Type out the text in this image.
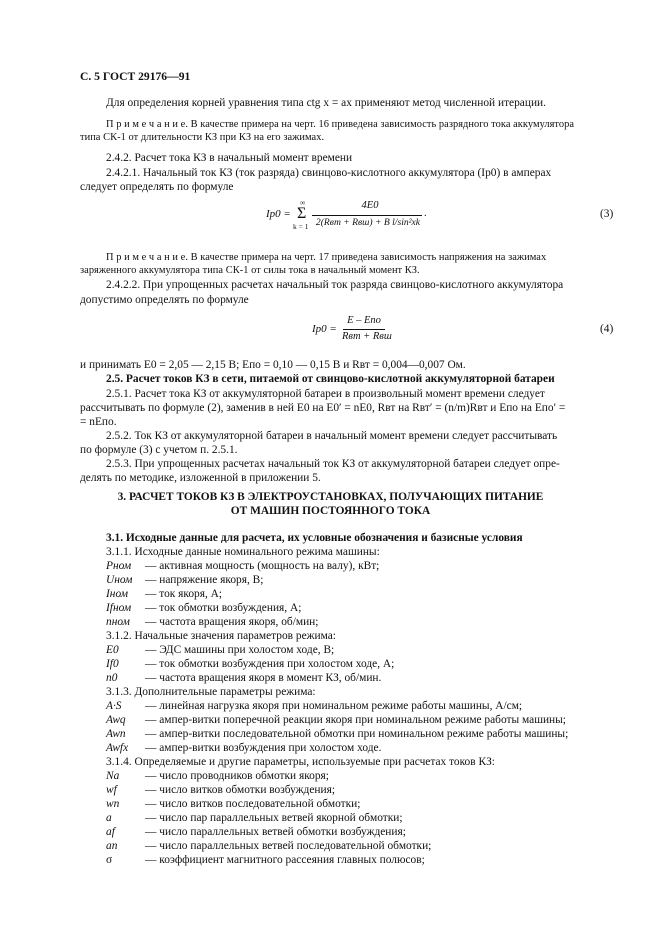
С. 5 ГОСТ 29176—91
Для определения корней уравнения типа ctg x = ax применяют метод численной итерации.
П р и м е ч а н и е. В качестве примера на черт. 16 приведена зависимость разрядного тока аккумулятора
типа СК-1 от длительности КЗ при КЗ на его зажимах.
2.4.2. Расчет тока КЗ в начальный момент времени
2.4.2.1. Начальный ток КЗ (ток разряда) свинцово-кислотного аккумулятора (Iр0) в амперах
следует определять по формуле
Iр0 =
∞
Σ
k = 1
4E0
2(Rвт + Rвш) + B l/sin²xk
.	(3)
П р и м е ч а н и е. В качестве примера на черт. 17 приведена зависимость напряжения на зажимах
заряженного аккумулятора типа СК-1 от силы тока в начальный момент КЗ.
2.4.2.2. При упрощенных расчетах начальный ток разряда свинцово-кислотного аккумулятора
допустимо определять по формуле
Iр0 =
E – Eпо
Rвт + Rвш
(4)
и принимать E0 = 2,05 — 2,15 В; Eпо = 0,10 — 0,15 В и Rвт = 0,004—0,007 Ом.
2.5. Расчет токов КЗ в сети, питаемой от свинцово-кислотной аккумуляторной батареи
2.5.1. Расчет тока КЗ от аккумуляторной батареи в произвольный момент времени следует
рассчитывать по формуле (2), заменив в ней E0 на E0′ = nE0, Rвт на Rвт′ = (n/m)Rвт и Eпо на Eпо′ =
= nEпо.
2.5.2. Ток КЗ от аккумуляторной батареи в начальный момент времени следует рассчитывать
по формуле (3) с учетом п. 2.5.1.
2.5.3. При упрощенных расчетах начальный ток КЗ от аккумуляторной батареи следует опре-
делять по методике, изложенной в приложении 5.
3. РАСЧЕТ ТОКОВ КЗ В ЭЛЕКТРОУСТАНОВКАХ, ПОЛУЧАЮЩИХ ПИТАНИЕ
ОТ МАШИН ПОСТОЯННОГО ТОКА
3.1. Исходные данные для расчета, их условные обозначения и базисные условия
3.1.1. Исходные данные номинального режима машины:
Pном — активная мощность (мощность на валу), кВт;
Uном — напряжение якоря, В;
Iном — ток якоря, А;
Ifном — ток обмотки возбуждения, А;
nном — частота вращения якоря, об/мин;
3.1.2. Начальные значения параметров режима:
E0 — ЭДС машины при холостом ходе, В;
If0 — ток обмотки возбуждения при холостом ходе, А;
n0 — частота вращения якоря в момент КЗ, об/мин.
3.1.3. Дополнительные параметры режима:
A·S — линейная нагрузка якоря при номинальном режиме работы машины, А/см;
Awq — ампер-витки поперечной реакции якоря при номинальном режиме работы машины;
Awп — ампер-витки последовательной обмотки при номинальном режиме работы машины;
Awfx — ампер-витки возбуждения при холостом ходе.
3.1.4. Определяемые и другие параметры, используемые при расчетах токов КЗ:
Nа — число проводников обмотки якоря;
wf — число витков обмотки возбуждения;
wп — число витков последовательной обмотки;
a	— число пар параллельных ветвей якорной обмотки;
af	— число параллельных ветвей обмотки возбуждения;
aп — число параллельных ветвей последовательной обмотки;
σ	— коэффициент магнитного рассеяния главных полюсов;
